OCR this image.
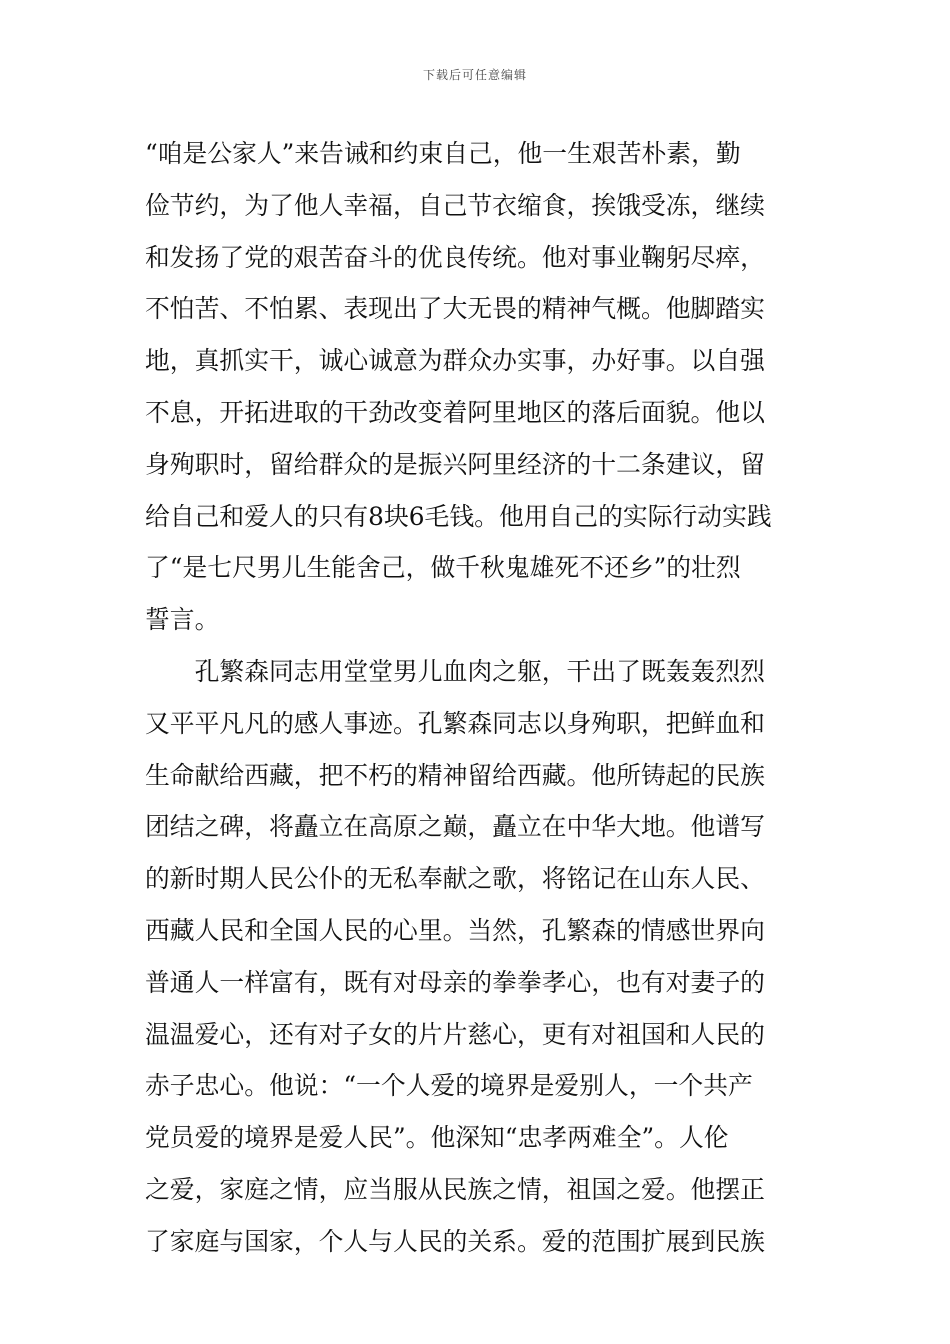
下载后可任意编辑
“咱是公家人”来告诫和约束自己，他一生艰苦朴素，勤
俭节约，为了他人幸福，自己节衣缩食，挨饿受冻，继续
和发扬了党的艰苦奋斗的优良传统。他对事业鞠躬尽瘁，
不怕苦、不怕累、表现出了大无畏的精神气概。他脚踏实
地，真抓实干，诚心诚意为群众办实事，办好事。以自强
不息，开拓进取的干劲改变着阿里地区的落后面貌。他以
身殉职时，留给群众的是振兴阿里经济的十二条建议，留
给自己和爱人的只有8块6毛钱。他用自己的实际行动实践
了“是七尺男儿生能舍己，做千秋鬼雄死不还乡”的壮烈
誓言。
　　孔繁森同志用堂堂男儿血肉之躯，干出了既轰轰烈烈
又平平凡凡的感人事迹。孔繁森同志以身殉职，把鲜血和
生命献给西藏，把不朽的精神留给西藏。他所铸起的民族
团结之碑，将矗立在高原之巅，矗立在中华大地。他谱写
的新时期人民公仆的无私奉献之歌，将铭记在山东人民、
西藏人民和全国人民的心里。当然，孔繁森的情感世界向
普通人一样富有，既有对母亲的拳拳孝心，也有对妻子的
温温爱心，还有对子女的片片慈心，更有对祖国和人民的
赤子忠心。他说：“一个人爱的境界是爱别人，一个共产
党员爱的境界是爱人民”。他深知“忠孝两难全”。人伦
之爱，家庭之情，应当服从民族之情，祖国之爱。他摆正
了家庭与国家，个人与人民的关系。爱的范围扩展到民族
